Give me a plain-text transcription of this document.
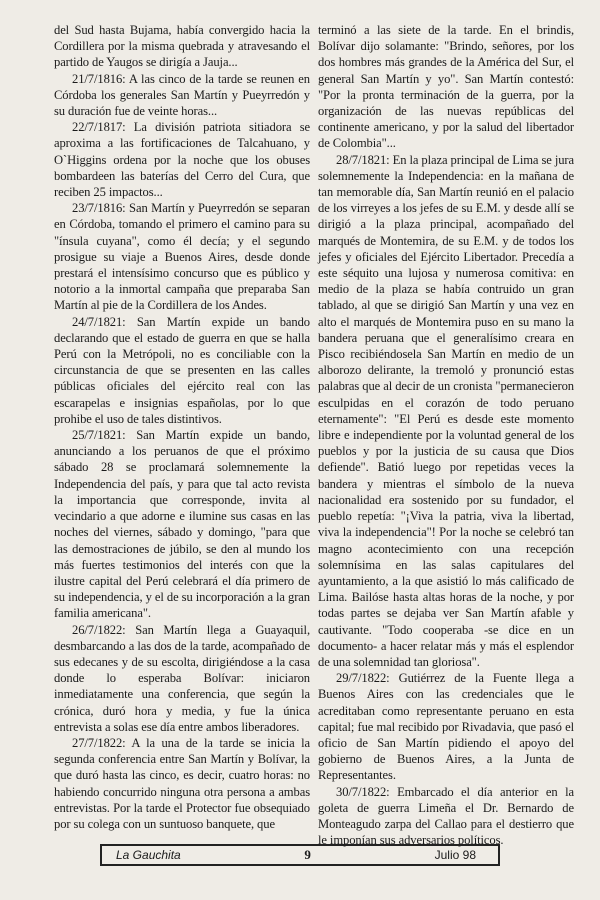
del Sud hasta Bujama, había convergido hacia la Cordillera por la misma quebrada y atravesando el partido de Yaugos se dirigía a Jauja...

21/7/1816: A las cinco de la tarde se reunen en Córdoba los generales San Martín y Pueyrredón y su duración fue de veinte horas...

22/7/1817: La división patriota sitiadora se aproxima a las fortificaciones de Talcahuano, y O`Higgins ordena por la noche que los obuses bombardeen las baterías del Cerro del Cura, que reciben 25 impactos...

23/7/1816: San Martín y Pueyrredón se separan en Córdoba, tomando el primero el camino para su "ínsula cuyana", como él decía; y el segundo prosigue su viaje a Buenos Aires, desde donde prestará el intensísimo concurso que es público y notorio a la inmortal campaña que preparaba San Martín al pie de la Cordillera de los Andes.

24/7/1821: San Martín expide un bando declarando que el estado de guerra en que se halla Perú con la Metrópoli, no es conciliable con la circunstancia de que se presenten en las calles públicas oficiales del ejército real con las escarapelas e insignias españolas, por lo que prohibe el uso de tales distintivos.

25/7/1821: San Martín expide un bando, anunciando a los peruanos de que el próximo sábado 28 se proclamará solemnemente la Independencia del país, y para que tal acto revista la importancia que corresponde, invita al vecindario a que adorne e ilumine sus casas en las noches del viernes, sábado y domingo, "para que las demostraciones de júbilo, se den al mundo los más fuertes testimonios del interés con que la ilustre capital del Perú celebrará el día primero de su independencia, y el de su incorporación a la gran familia americana".

26/7/1822: San Martín llega a Guayaquil, desmbarcando a las dos de la tarde, acompañado de sus edecanes y de su escolta, dirigiéndose a la casa donde lo esperaba Bolívar: iniciaron inmediatamente una conferencia, que según la crónica, duró hora y media, y fue la única entrevista a solas ese día entre ambos liberadores.

27/7/1822: A la una de la tarde se inicia la segunda conferencia entre San Martín y Bolívar, la que duró hasta las cinco, es decir, cuatro horas: no habiendo concurrido ninguna otra persona a ambas entrevistas. Por la tarde el Protector fue obsequiado por su colega con un suntuoso banquete, que

terminó a las siete de la tarde. En el brindis, Bolívar dijo solamante: "Brindo, señores, por los dos hombres más grandes de la América del Sur, el general San Martín y yo". San Martín contestó: "Por la pronta terminación de la guerra, por la organización de las nuevas repúblicas del continente americano, y por la salud del libertador de Colombia"...

28/7/1821: En la plaza principal de Lima se jura solemnemente la Independencia: en la mañana de tan memorable día, San Martín reunió en el palacio de los virreyes a los jefes de su E.M. y desde allí se dirigió a la plaza principal, acompañado del marqués de Montemira, de su E.M. y de todos los jefes y oficiales del Ejército Libertador. Precedía a este séquito una lujosa y numerosa comitiva: en medio de la plaza se había contruido un gran tablado, al que se dirigió San Martín y una vez en alto el marqués de Montemira puso en su mano la bandera peruana que el generalísimo creara en Pisco recibiéndosela San Martín en medio de un alborozo delirante, la tremoló y pronunció estas palabras que al decir de un cronista "permanecieron esculpidas en el corazón de todo peruano eternamente": "El Perú es desde este momento libre e independiente por la voluntad general de los pueblos y por la justicia de su causa que Dios defiende". Batió luego por repetidas veces la bandera y mientras el símbolo de la nueva nacionalidad era sostenido por su fundador, el pueblo repetía: "¡Viva la patria, viva la libertad, viva la independencia"! Por la noche se celebró tan magno acontecimiento con una recepción solemnísima en las salas capitulares del ayuntamiento, a la que asistió lo más calificado de Lima. Bailóse hasta altas horas de la noche, y por todas partes se dejaba ver San Martín afable y cautivante. "Todo cooperaba -se dice en un documento- a hacer relatar más y más el esplendor de una solemnidad tan gloriosa".

29/7/1822: Gutiérrez de la Fuente llega a Buenos Aires con las credenciales que le acreditaban como representante peruano en esta capital; fue mal recibido por Rivadavia, que pasó el oficio de San Martín pidiendo el apoyo del gobierno de Buenos Aires, a la Junta de Representantes.

30/7/1822: Embarcado el día anterior en la goleta de guerra Limeña el Dr. Bernardo de Monteagudo zarpa del Callao para el destierro que le imponían sus adversarios políticos.

La Gauchita	9	Julio 98
